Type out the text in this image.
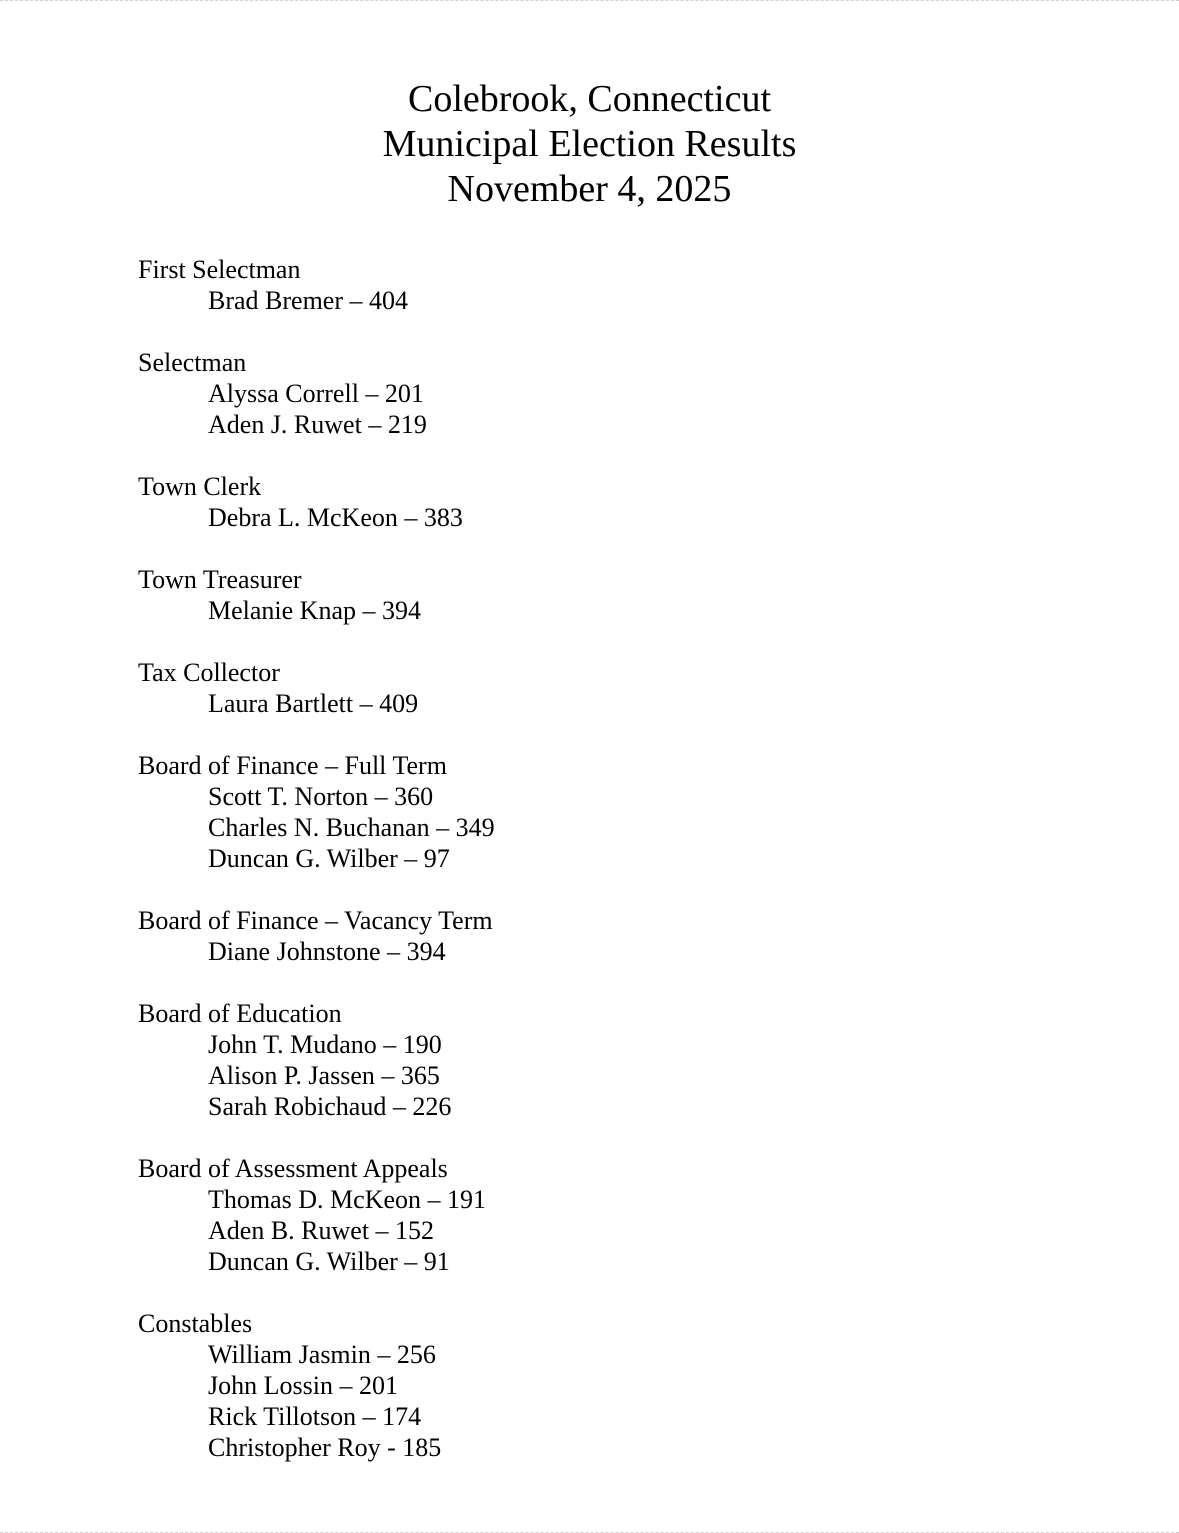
Colebrook, Connecticut
Municipal Election Results
November 4, 2025
First Selectman
Brad Bremer – 404
Selectman
Alyssa Correll – 201
Aden J. Ruwet – 219
Town Clerk
Debra L. McKeon – 383
Town Treasurer
Melanie Knap – 394
Tax Collector
Laura Bartlett – 409
Board of Finance – Full Term
Scott T. Norton – 360
Charles N. Buchanan – 349
Duncan G. Wilber – 97
Board of Finance – Vacancy Term
Diane Johnstone – 394
Board of Education
John T. Mudano – 190
Alison P. Jassen – 365
Sarah Robichaud – 226
Board of Assessment Appeals
Thomas D. McKeon – 191
Aden B. Ruwet – 152
Duncan G. Wilber – 91
Constables
William Jasmin – 256
John Lossin – 201
Rick Tillotson – 174
Christopher Roy - 185
